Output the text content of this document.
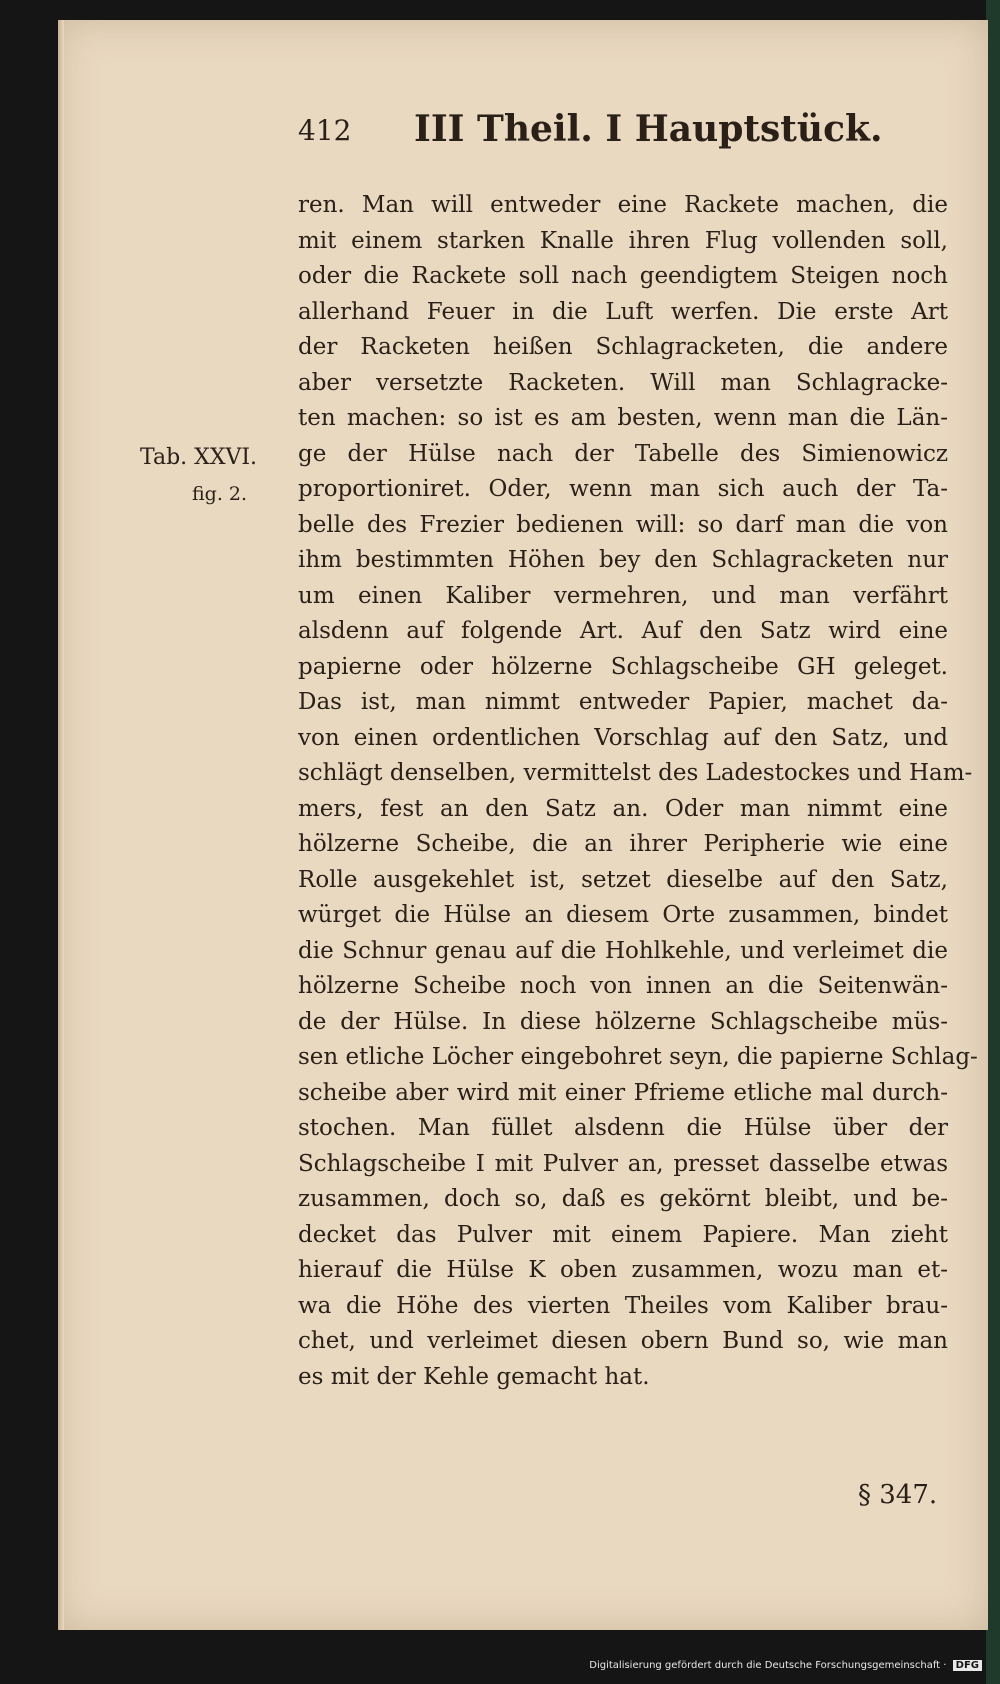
412 III Theil. I Hauptstück.
Tab. XXVI.
fig. 2.
ren. Man will entweder eine Rackete machen, die
mit einem starken Knalle ihren Flug vollenden soll,
oder die Rackete soll nach geendigtem Steigen noch
allerhand Feuer in die Luft werfen. Die erste Art
der Racketen heißen Schlagracketen, die andere
aber versetzte Racketen. Will man Schlagracke-
ten machen: so ist es am besten, wenn man die Län-
ge der Hülse nach der Tabelle des Simienowicz
proportioniret. Oder, wenn man sich auch der Ta-
belle des Frezier bedienen will: so darf man die von
ihm bestimmten Höhen bey den Schlagracketen nur
um einen Kaliber vermehren, und man verfährt
alsdenn auf folgende Art. Auf den Satz wird eine
papierne oder hölzerne Schlagscheibe GH geleget.
Das ist, man nimmt entweder Papier, machet da-
von einen ordentlichen Vorschlag auf den Satz, und
schlägt denselben, vermittelst des Ladestockes und Ham-
mers, fest an den Satz an. Oder man nimmt eine
hölzerne Scheibe, die an ihrer Peripherie wie eine
Rolle ausgekehlet ist, setzet dieselbe auf den Satz,
würget die Hülse an diesem Orte zusammen, bindet
die Schnur genau auf die Hohlkehle, und verleimet die
hölzerne Scheibe noch von innen an die Seitenwän-
de der Hülse. In diese hölzerne Schlagscheibe müs-
sen etliche Löcher eingebohret seyn, die papierne Schlag-
scheibe aber wird mit einer Pfrieme etliche mal durch-
stochen. Man füllet alsdenn die Hülse über der
Schlagscheibe I mit Pulver an, presset dasselbe etwas
zusammen, doch so, daß es gekörnt bleibt, und be-
decket das Pulver mit einem Papiere. Man zieht
hierauf die Hülse K oben zusammen, wozu man et-
wa die Höhe des vierten Theiles vom Kaliber brau-
chet, und verleimet diesen obern Bund so, wie man
es mit der Kehle gemacht hat.
§ 347.
Digitalisierung gefördert durch die Deutsche Forschungsgemeinschaft · DFG
